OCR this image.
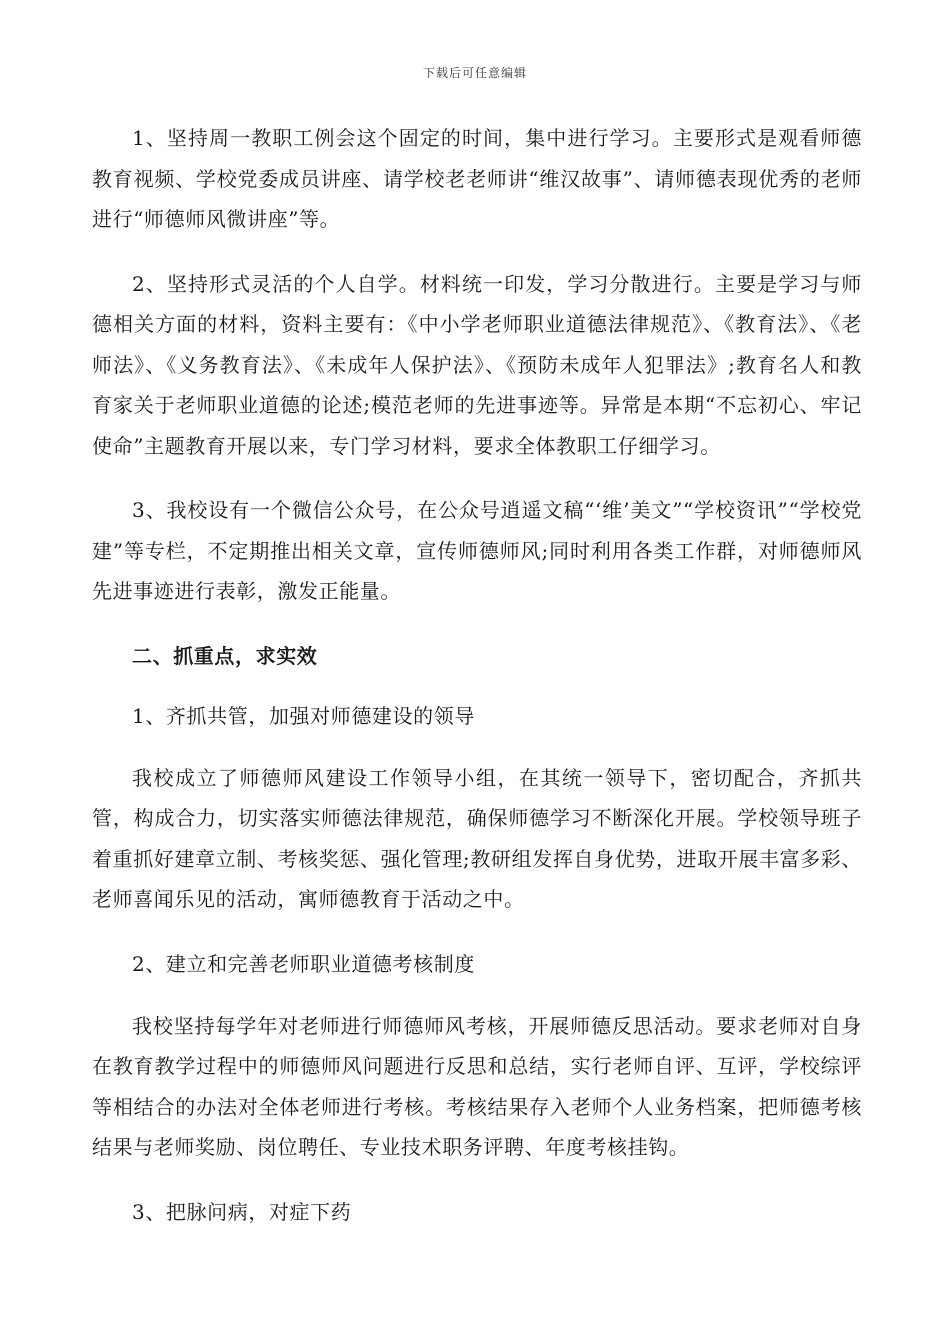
下载后可任意编辑

1、坚持周一教职工例会这个固定的时间，集中进行学习。主要形式是观看师德教育视频、学校党委成员讲座、请学校老老师讲“维汉故事”、请师德表现优秀的老师进行“师德师风微讲座”等。

2、坚持形式灵活的个人自学。材料统一印发，学习分散进行。主要是学习与师德相关方面的材料，资料主要有：《中小学老师职业道德法律规范》、《教育法》、《老师法》、《义务教育法》、《未成年人保护法》、《预防未成年人犯罪法》;教育名人和教育家关于老师职业道德的论述;模范老师的先进事迹等。异常是本期“不忘初心、牢记使命”主题教育开展以来，专门学习材料，要求全体教职工仔细学习。

3、我校设有一个微信公众号，在公众号逍遥文稿“‘维’美文”“学校资讯”“学校党建”等专栏，不定期推出相关文章，宣传师德师风;同时利用各类工作群，对师德师风先进事迹进行表彰，激发正能量。

二、抓重点，求实效

1、齐抓共管，加强对师德建设的领导

我校成立了师德师风建设工作领导小组，在其统一领导下，密切配合，齐抓共管，构成合力，切实落实师德法律规范，确保师德学习不断深化开展。学校领导班子着重抓好建章立制、考核奖惩、强化管理;教研组发挥自身优势，进取开展丰富多彩、老师喜闻乐见的活动，寓师德教育于活动之中。

2、建立和完善老师职业道德考核制度

我校坚持每学年对老师进行师德师风考核，开展师德反思活动。要求老师对自身在教育教学过程中的师德师风问题进行反思和总结，实行老师自评、互评，学校综评等相结合的办法对全体老师进行考核。考核结果存入老师个人业务档案，把师德考核结果与老师奖励、岗位聘任、专业技术职务评聘、年度考核挂钩。

3、把脉问病，对症下药
